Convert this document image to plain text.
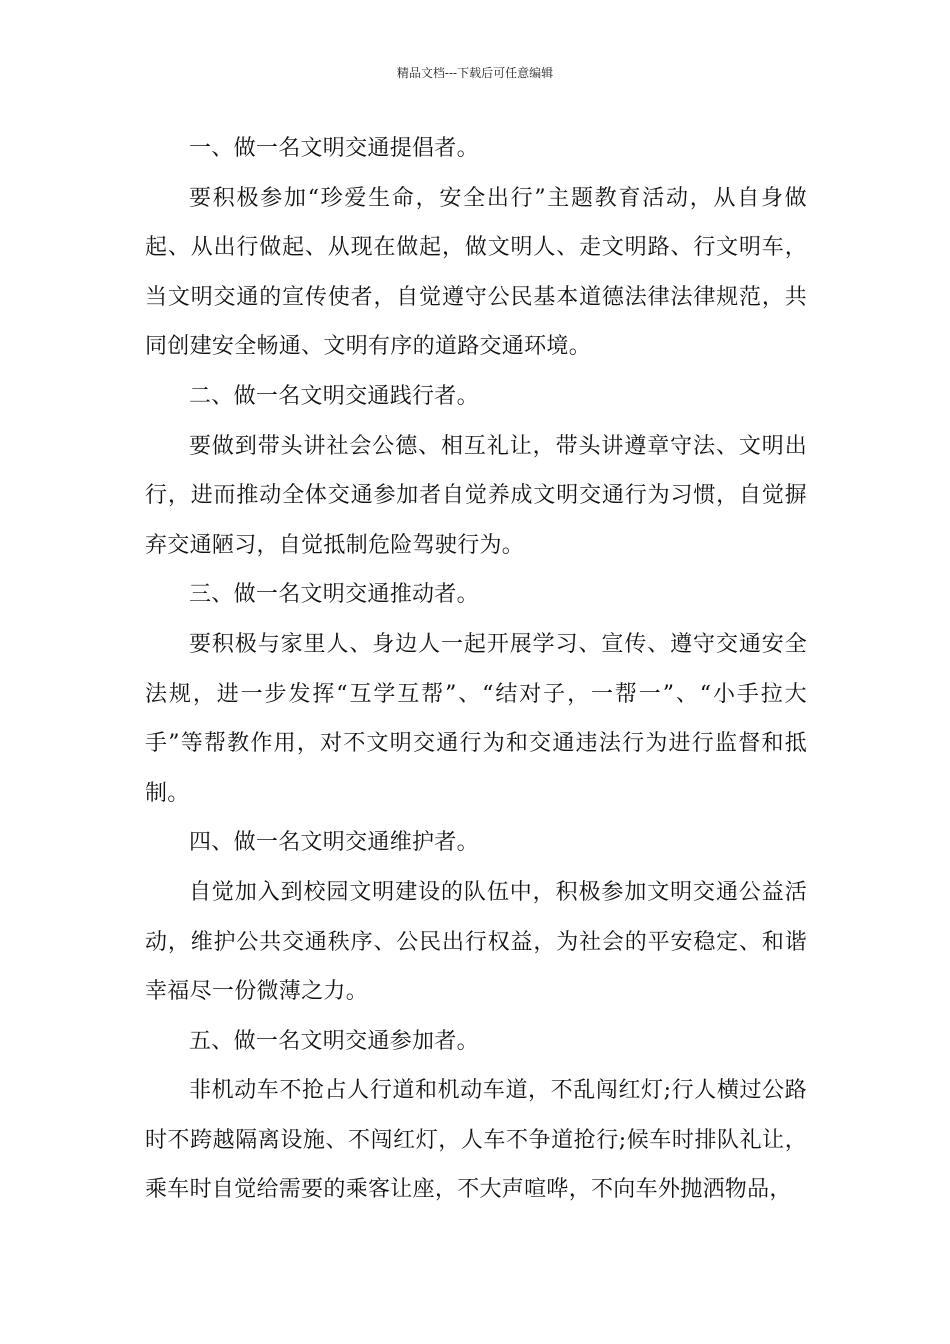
精品文档---下载后可任意编辑

一、做一名文明交通提倡者。

要积极参加“珍爱生命，安全出行”主题教育活动，从自身做起、从出行做起、从现在做起，做文明人、走文明路、行文明车，当文明交通的宣传使者，自觉遵守公民基本道德法律法律规范，共同创建安全畅通、文明有序的道路交通环境。

二、做一名文明交通践行者。

要做到带头讲社会公德、相互礼让，带头讲遵章守法、文明出行，进而推动全体交通参加者自觉养成文明交通行为习惯，自觉摒弃交通陋习，自觉抵制危险驾驶行为。

三、做一名文明交通推动者。

要积极与家里人、身边人一起开展学习、宣传、遵守交通安全法规，进一步发挥“互学互帮”、“结对子，一帮一”、“小手拉大手”等帮教作用，对不文明交通行为和交通违法行为进行监督和抵制。

四、做一名文明交通维护者。

自觉加入到校园文明建设的队伍中，积极参加文明交通公益活动，维护公共交通秩序、公民出行权益，为社会的平安稳定、和谐幸福尽一份微薄之力。

五、做一名文明交通参加者。

非机动车不抢占人行道和机动车道，不乱闯红灯;行人横过公路时不跨越隔离设施、不闯红灯，人车不争道抢行;候车时排队礼让，乘车时自觉给需要的乘客让座，不大声喧哗，不向车外抛洒物品，
